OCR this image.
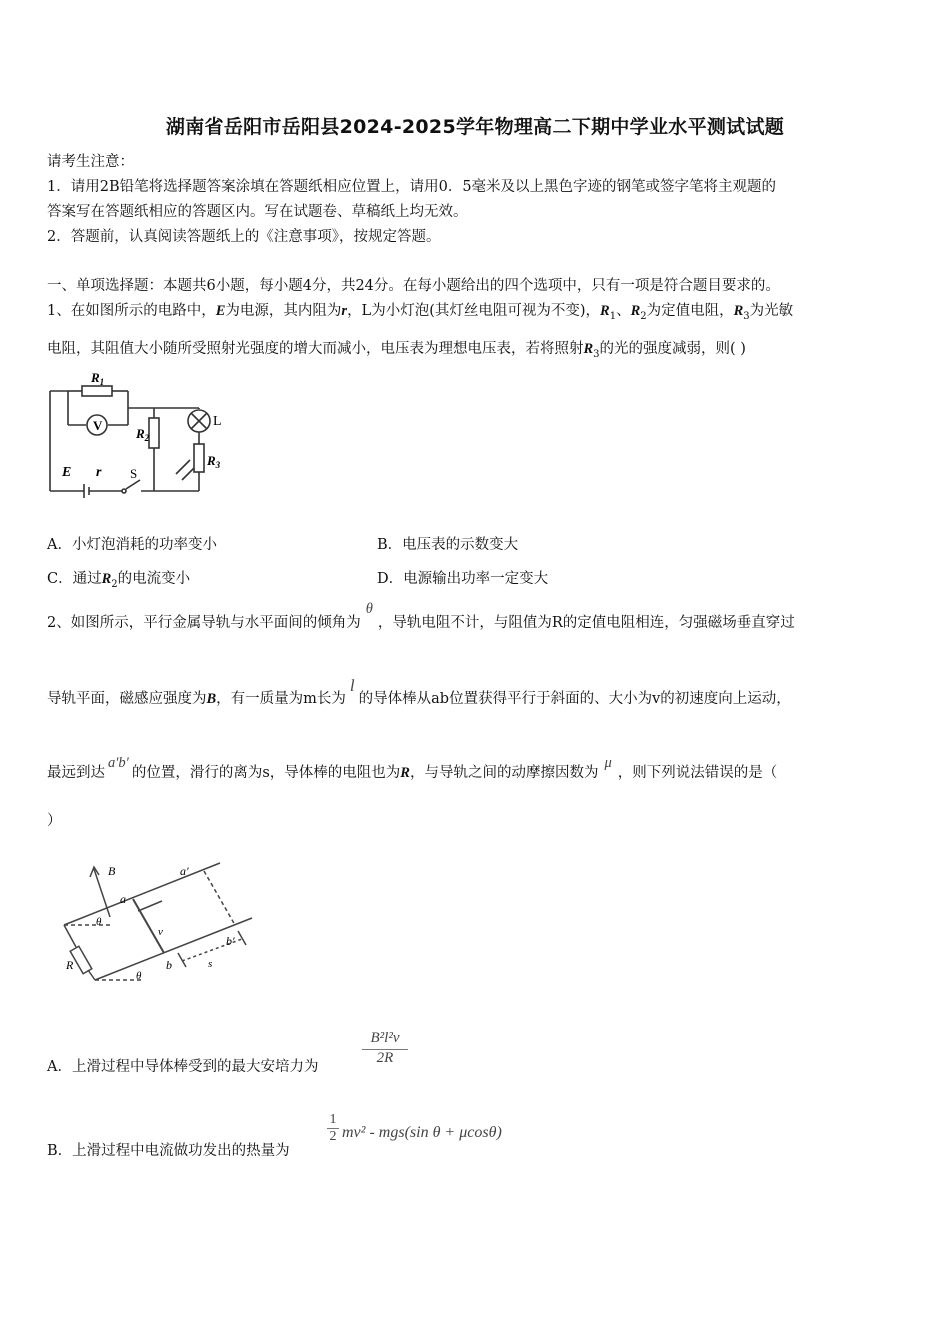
湖南省岳阳市岳阳县2024-2025学年物理高二下期中学业水平测试试题
请考生注意：
1．请用2B铅笔将选择题答案涂填在答题纸相应位置上，请用0．5毫米及以上黑色字迹的钢笔或签字笔将主观题的
答案写在答题纸相应的答题区内。写在试题卷、草稿纸上均无效。
2．答题前，认真阅读答题纸上的《注意事项》，按规定答题。
一、单项选择题：本题共6小题，每小题4分，共24分。在每小题给出的四个选项中，只有一项是符合题目要求的。
1、在如图所示的电路中，E为电源，其内阻为r，L为小灯泡(其灯丝电阻可视为不变)，$R_1$、$R_2$为定值电阻，$R_3$为光敏
电阻，其阻值大小随所受照射光强度的增大而减小，电压表为理想电压表，若将照射$R_3$的光的强度减弱，则( )
$R_1$
V
$R_2$
L
$R_3$
E r S
A．小灯泡消耗的功率变小	B．电压表的示数变大
C．通过$R_2$的电流变小	D．电源输出功率一定变大
2、如图所示，平行金属导轨与水平面间的倾角为θ，导轨电阻不计，与阻值为R的定值电阻相连，匀强磁场垂直穿过
导轨平面，磁感应强度为B，有一质量为m长为l的导体棒从ab位置获得平行于斜面的、大小为v的初速度向上运动，
最远到达a′b′的位置，滑行的离为s，导体棒的电阻也为R，与导轨之间的动摩擦因数为μ，则下列说法错误的是（
）
B
a
a′
θ
v
b′
R	b	s
θ
A．上滑过程中导体棒受到的最大安培力为
B²l²v
2R
B．上滑过程中电流做功发出的热量为
1
2 mv² - mgs(sin θ + μcosθ)
